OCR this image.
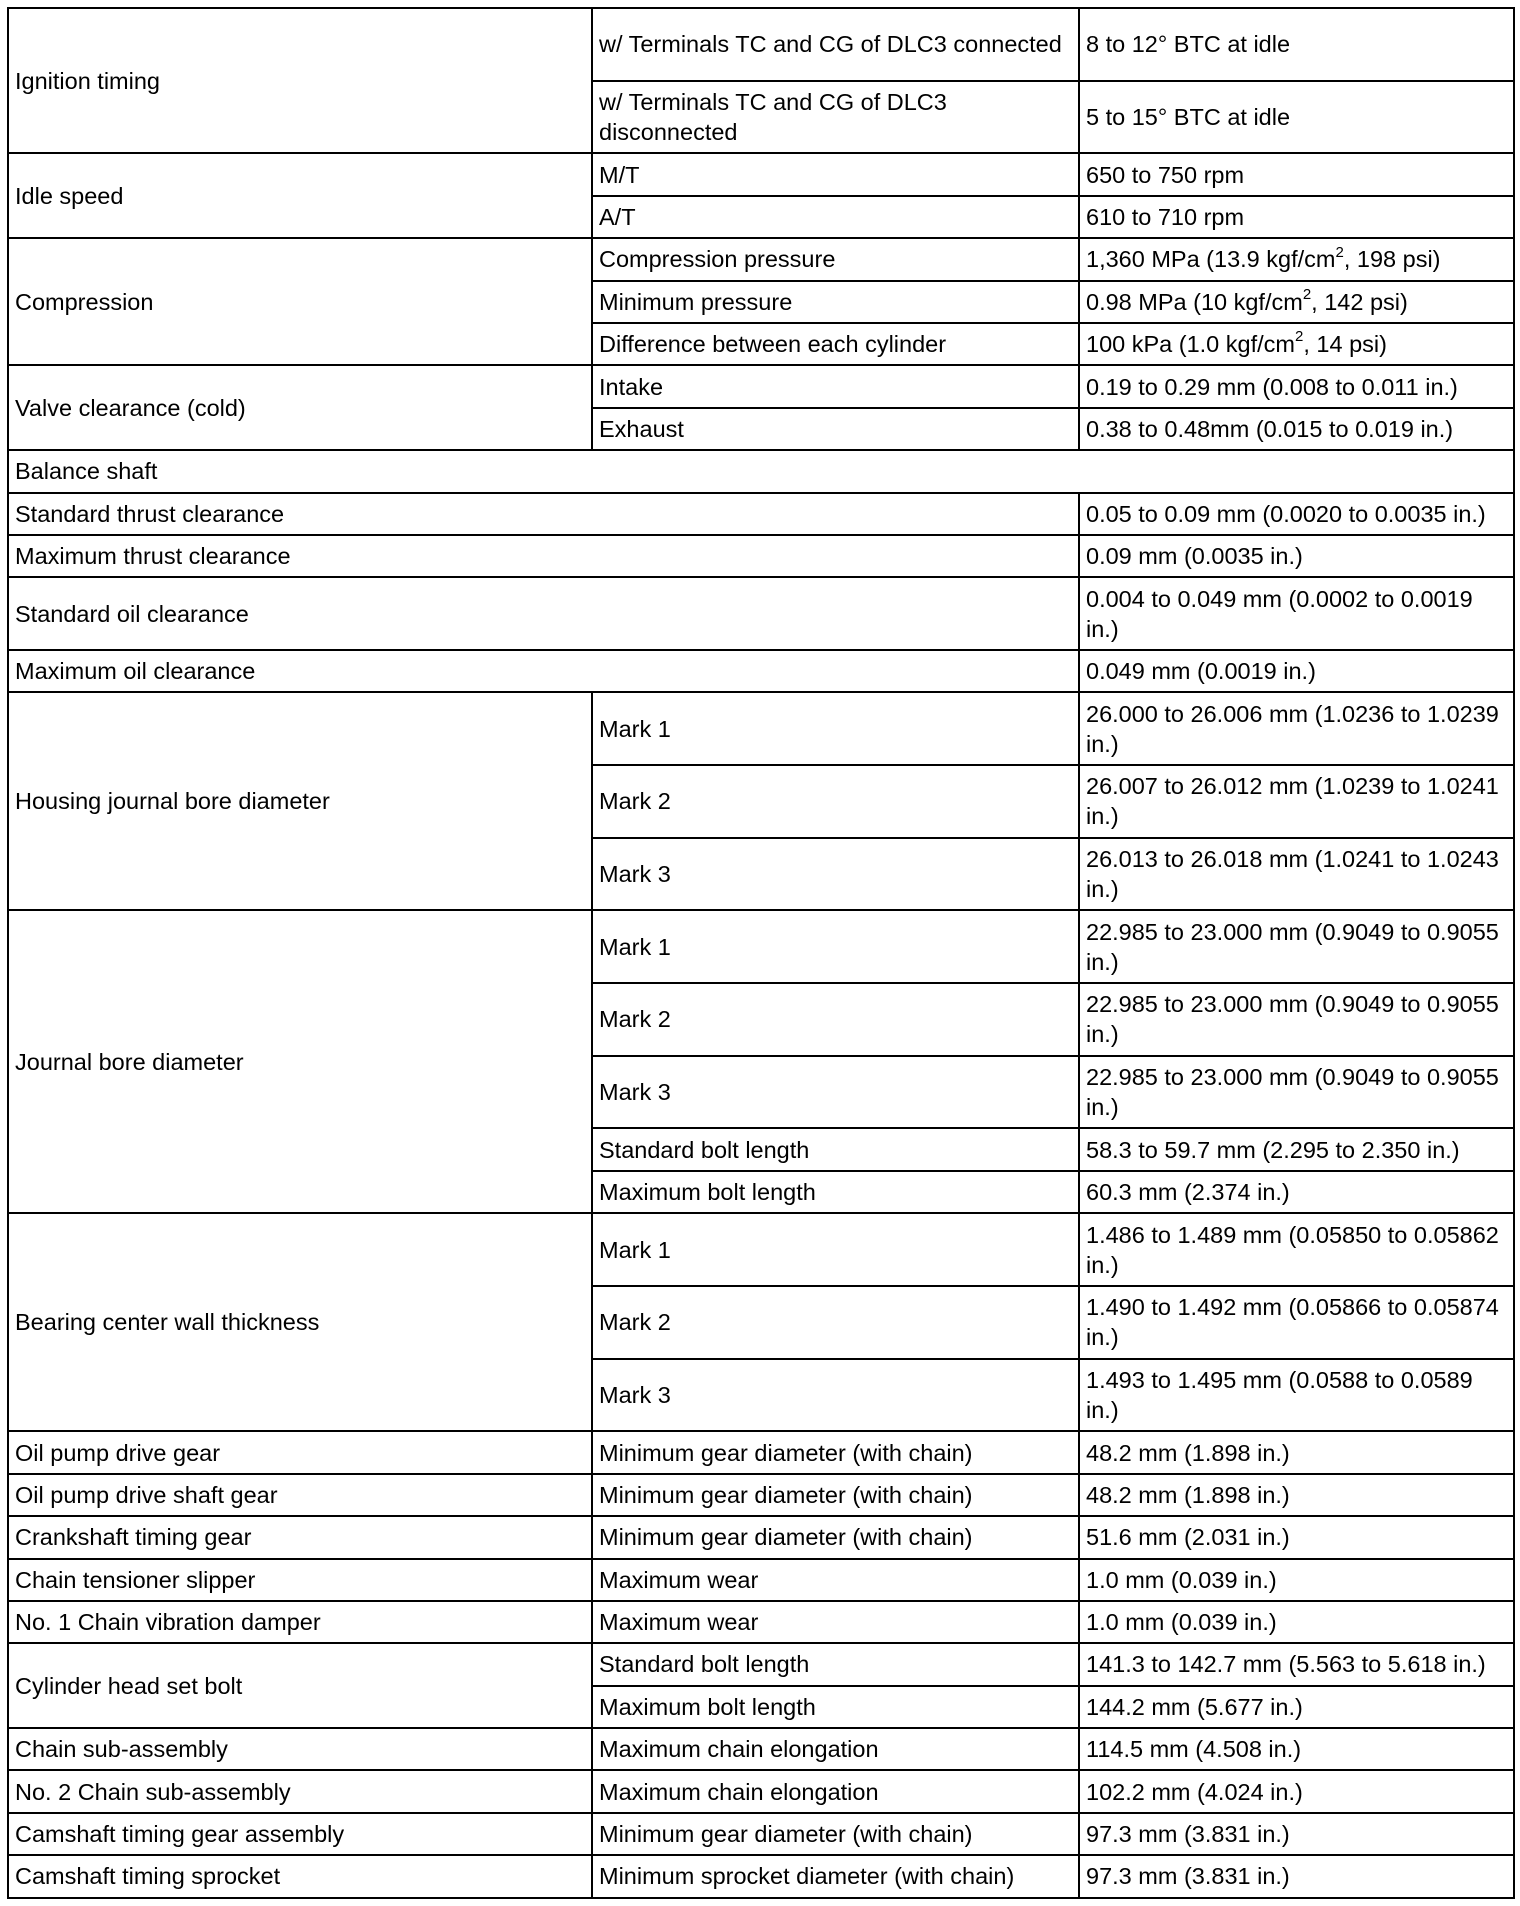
Ignition timing	w/ Terminals TC and CG of DLC3 connected	8 to 12° BTC at idle
	w/ Terminals TC and CG of DLC3 disconnected	5 to 15° BTC at idle
Idle speed	M/T	650 to 750 rpm
	A/T	610 to 710 rpm
Compression	Compression pressure	1,360 MPa (13.9 kgf/$cm^2$, 198 psi)
	Minimum pressure	0.98 MPa (10 kgf/$cm^2$, 142 psi)
	Difference between each cylinder	100 kPa (1.0 kgf/$cm^2$, 14 psi)
Valve clearance (cold)	Intake	0.19 to 0.29 mm (0.008 to 0.011 in.)
	Exhaust	0.38 to 0.48mm (0.015 to 0.019 in.)
Balance shaft		
Standard thrust clearance		0.05 to 0.09 mm (0.0020 to 0.0035 in.)
Maximum thrust clearance		0.09 mm (0.0035 in.)
Standard oil clearance		0.004 to 0.049 mm (0.0002 to 0.0019 in.)
Maximum oil clearance		0.049 mm (0.0019 in.)
Housing journal bore diameter	Mark 1	26.000 to 26.006 mm (1.0236 to 1.0239 in.)
	Mark 2	26.007 to 26.012 mm (1.0239 to 1.0241 in.)
	Mark 3	26.013 to 26.018 mm (1.0241 to 1.0243 in.)
Journal bore diameter	Mark 1	22.985 to 23.000 mm (0.9049 to 0.9055 in.)
	Mark 2	22.985 to 23.000 mm (0.9049 to 0.9055 in.)
	Mark 3	22.985 to 23.000 mm (0.9049 to 0.9055 in.)
	Standard bolt length	58.3 to 59.7 mm (2.295 to 2.350 in.)
	Maximum bolt length	60.3 mm (2.374 in.)
Bearing center wall thickness	Mark 1	1.486 to 1.489 mm (0.05850 to 0.05862 in.)
	Mark 2	1.490 to 1.492 mm (0.05866 to 0.05874 in.)
	Mark 3	1.493 to 1.495 mm (0.0588 to 0.0589 in.)
Oil pump drive gear	Minimum gear diameter (with chain)	48.2 mm (1.898 in.)
Oil pump drive shaft gear	Minimum gear diameter (with chain)	48.2 mm (1.898 in.)
Crankshaft timing gear	Minimum gear diameter (with chain)	51.6 mm (2.031 in.)
Chain tensioner slipper	Maximum wear	1.0 mm (0.039 in.)
No. 1 Chain vibration damper	Maximum wear	1.0 mm (0.039 in.)
Cylinder head set bolt	Standard bolt length	141.3 to 142.7 mm (5.563 to 5.618 in.)
	Maximum bolt length	144.2 mm (5.677 in.)
Chain sub-assembly	Maximum chain elongation	114.5 mm (4.508 in.)
No. 2 Chain sub-assembly	Maximum chain elongation	102.2 mm (4.024 in.)
Camshaft timing gear assembly	Minimum gear diameter (with chain)	97.3 mm (3.831 in.)
Camshaft timing sprocket	Minimum sprocket diameter (with chain)	97.3 mm (3.831 in.)
